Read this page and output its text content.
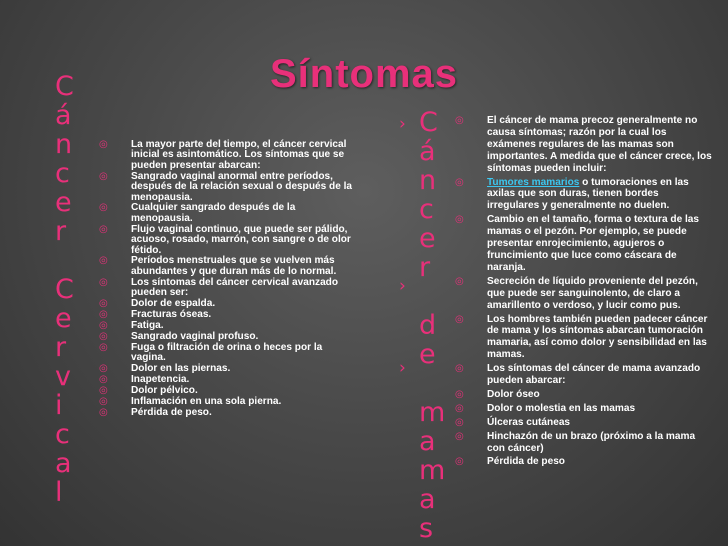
Síntomas
C
á
n
c
e
r
C
e
r
v
i
c
a
l
›
›
›
C
á
n
c
e
r
d
e
m
a
m
a
s
◎ La mayor parte del tiempo, el cáncer cervical inicial es asintomático. Los síntomas que se pueden presentar abarcan:
◎ Sangrado vaginal anormal entre períodos, después de la relación sexual o después de la menopausia.
◎ Cualquier sangrado después de la menopausia.
◎ Flujo vaginal continuo, que puede ser pálido, acuoso, rosado, marrón, con sangre o de olor fétido.
◎ Períodos menstruales que se vuelven más abundantes y que duran más de lo normal.
◎ Los síntomas del cáncer cervical avanzado pueden ser:
◎ Dolor de espalda.
◎ Fracturas óseas.
◎ Fatiga.
◎ Sangrado vaginal profuso.
◎ Fuga o filtración de orina o heces por la vagina.
◎ Dolor en las piernas.
◎ Inapetencia.
◎ Dolor pélvico.
◎ Inflamación en una sola pierna.
◎ Pérdida de peso.
◎ El cáncer de mama precoz generalmente no causa síntomas; razón por la cual los exámenes regulares de las mamas son importantes. A medida que el cáncer crece, los síntomas pueden incluir:
◎ Tumores mamarios o tumoraciones en las axilas que son duras, tienen bordes irregulares y generalmente no duelen.
◎ Cambio en el tamaño, forma o textura de las mamas o el pezón. Por ejemplo, se puede presentar enrojecimiento, agujeros o fruncimiento que luce como cáscara de naranja.
◎ Secreción de líquido proveniente del pezón, que puede ser sanguinolento, de claro a amarillento o verdoso, y lucir como pus.
◎ Los hombres también pueden padecer cáncer de mama y los síntomas abarcan tumoración mamaria, así como dolor y sensibilidad en las mamas.
◎ Los síntomas del cáncer de mama avanzado pueden abarcar:
◎ Dolor óseo
◎ Dolor o molestia en las mamas
◎ Úlceras cutáneas
◎ Hinchazón de un brazo (próximo a la mama con cáncer)
◎ Pérdida de peso
